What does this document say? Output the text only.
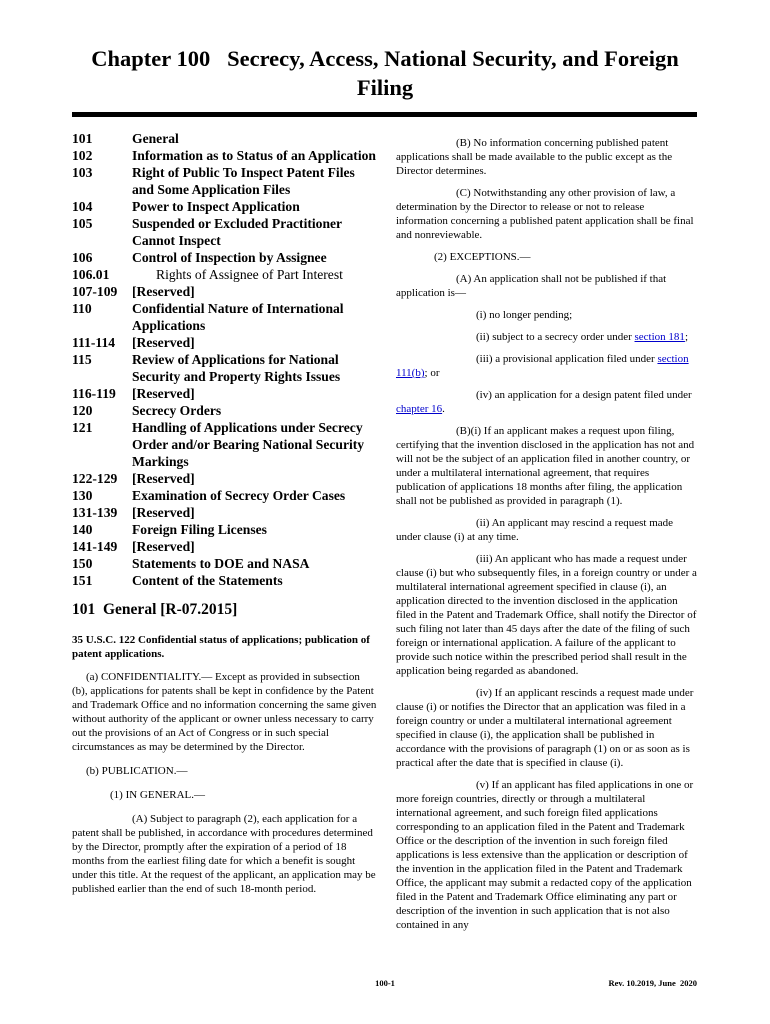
Chapter 100   Secrecy, Access, National Security, and Foreign
Filing
101	General
102	Information as to Status of an Application
103	Right of Public To Inspect Patent Files and Some Application Files
104	Power to Inspect Application
105	Suspended or Excluded Practitioner Cannot Inspect
106	Control of Inspection by Assignee
106.01	Rights of Assignee of Part Interest
107-109	[Reserved]
110	Confidential Nature of International Applications
111-114	[Reserved]
115	Review of Applications for National Security and Property Rights Issues
116-119	[Reserved]
120	Secrecy Orders
121	Handling of Applications under Secrecy Order and/or Bearing National Security Markings
122-129	[Reserved]
130	Examination of Secrecy Order Cases
131-139	[Reserved]
140	Foreign Filing Licenses
141-149	[Reserved]
150	Statements to DOE and NASA
151	Content of the Statements
101  General [R-07.2015]
35 U.S.C. 122 Confidential status of applications; publication of patent applications.

(a) CONFIDENTIALITY.— Except as provided in subsection (b), applications for patents shall be kept in confidence by the Patent and Trademark Office and no information concerning the same given without authority of the applicant or owner unless necessary to carry out the provisions of an Act of Congress or in such special circumstances as may be determined by the Director.

(b) PUBLICATION.—

(1) IN GENERAL.—

(A) Subject to paragraph (2), each application for a patent shall be published, in accordance with procedures determined by the Director, promptly after the expiration of a period of 18 months from the earliest filing date for which a benefit is sought under this title. At the request of the applicant, an application may be published earlier than the end of such 18-month period.

(B) No information concerning published patent applications shall be made available to the public except as the Director determines.

(C) Notwithstanding any other provision of law, a determination by the Director to release or not to release information concerning a published patent application shall be final and nonreviewable.

(2) EXCEPTIONS.—

(A) An application shall not be published if that application is—

(i) no longer pending;

(ii) subject to a secrecy order under section 181;

(iii) a provisional application filed under section 111(b); or

(iv) an application for a design patent filed under chapter 16.

(B)(i) If an applicant makes a request upon filing, certifying that the invention disclosed in the application has not and will not be the subject of an application filed in another country, or under a multilateral international agreement, that requires publication of applications 18 months after filing, the application shall not be published as provided in paragraph (1).

(ii) An applicant may rescind a request made under clause (i) at any time.

(iii) An applicant who has made a request under clause (i) but who subsequently files, in a foreign country or under a multilateral international agreement specified in clause (i), an application directed to the invention disclosed in the application filed in the Patent and Trademark Office, shall notify the Director of such filing not later than 45 days after the date of the filing of such foreign or international application. A failure of the applicant to provide such notice within the prescribed period shall result in the application being regarded as abandoned.

(iv) If an applicant rescinds a request made under clause (i) or notifies the Director that an application was filed in a foreign country or under a multilateral international agreement specified in clause (i), the application shall be published in accordance with the provisions of paragraph (1) on or as soon as is practical after the date that is specified in clause (i).

(v) If an applicant has filed applications in one or more foreign countries, directly or through a multilateral international agreement, and such foreign filed applications corresponding to an application filed in the Patent and Trademark Office or the description of the invention in such foreign filed applications is less extensive than the application or description of the invention in the application filed in the Patent and Trademark Office, the applicant may submit a redacted copy of the application filed in the Patent and Trademark Office eliminating any part or description of the invention in such application that is not also contained in any

100-1	Rev. 10.2019, June  2020
